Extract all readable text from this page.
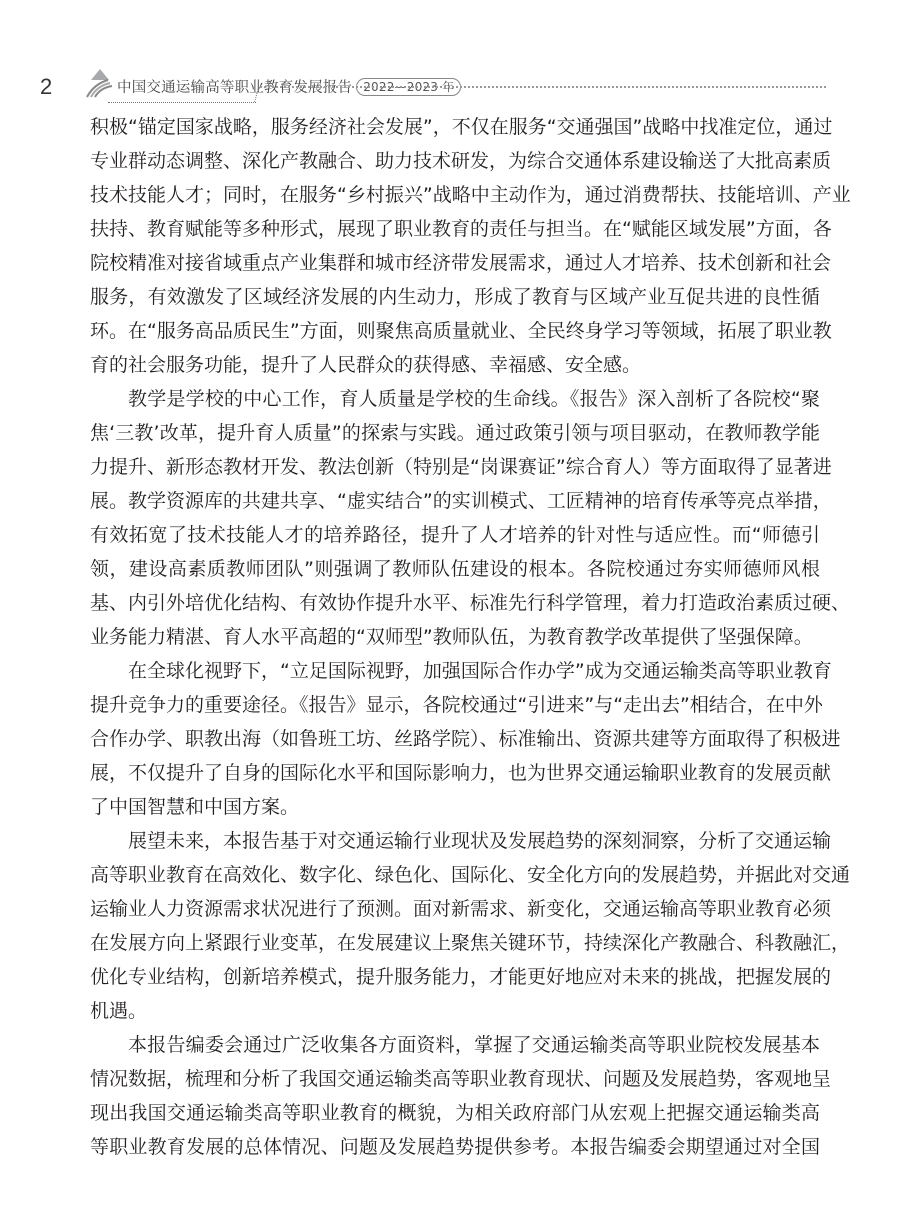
2	中国交通运输高等职业教育发展报告 2022—2023 年
积极“锚定国家战略，服务经济社会发展”，不仅在服务“交通强国”战略中找准定位，通过
专业群动态调整、深化产教融合、助力技术研发，为综合交通体系建设输送了大批高素质
技术技能人才；同时，在服务“乡村振兴”战略中主动作为，通过消费帮扶、技能培训、产业
扶持、教育赋能等多种形式，展现了职业教育的责任与担当。在“赋能区域发展”方面，各
院校精准对接省域重点产业集群和城市经济带发展需求，通过人才培养、技术创新和社会
服务，有效激发了区域经济发展的内生动力，形成了教育与区域产业互促共进的良性循
环。在“服务高品质民生”方面，则聚焦高质量就业、全民终身学习等领域，拓展了职业教
育的社会服务功能，提升了人民群众的获得感、幸福感、安全感。
教学是学校的中心工作，育人质量是学校的生命线。《报告》深入剖析了各院校“聚
焦‘三教’改革，提升育人质量”的探索与实践。通过政策引领与项目驱动，在教师教学能
力提升、新形态教材开发、教法创新（特别是“岗课赛证”综合育人）等方面取得了显著进
展。教学资源库的共建共享、“虚实结合”的实训模式、工匠精神的培育传承等亮点举措，
有效拓宽了技术技能人才的培养路径，提升了人才培养的针对性与适应性。而“师德引
领，建设高素质教师团队”则强调了教师队伍建设的根本。各院校通过夯实师德师风根
基、内引外培优化结构、有效协作提升水平、标准先行科学管理，着力打造政治素质过硬、
业务能力精湛、育人水平高超的“双师型”教师队伍，为教育教学改革提供了坚强保障。
在全球化视野下，“立足国际视野，加强国际合作办学”成为交通运输类高等职业教育
提升竞争力的重要途径。《报告》显示，各院校通过“引进来”与“走出去”相结合，在中外
合作办学、职教出海（如鲁班工坊、丝路学院）、标准输出、资源共建等方面取得了积极进
展，不仅提升了自身的国际化水平和国际影响力，也为世界交通运输职业教育的发展贡献
了中国智慧和中国方案。
展望未来，本报告基于对交通运输行业现状及发展趋势的深刻洞察，分析了交通运输
高等职业教育在高效化、数字化、绿色化、国际化、安全化方向的发展趋势，并据此对交通
运输业人力资源需求状况进行了预测。面对新需求、新变化，交通运输高等职业教育必须
在发展方向上紧跟行业变革，在发展建议上聚焦关键环节，持续深化产教融合、科教融汇，
优化专业结构，创新培养模式，提升服务能力，才能更好地应对未来的挑战，把握发展的
机遇。
本报告编委会通过广泛收集各方面资料，掌握了交通运输类高等职业院校发展基本
情况数据，梳理和分析了我国交通运输类高等职业教育现状、问题及发展趋势，客观地呈
现出我国交通运输类高等职业教育的概貌，为相关政府部门从宏观上把握交通运输类高
等职业教育发展的总体情况、问题及发展趋势提供参考。本报告编委会期望通过对全国
